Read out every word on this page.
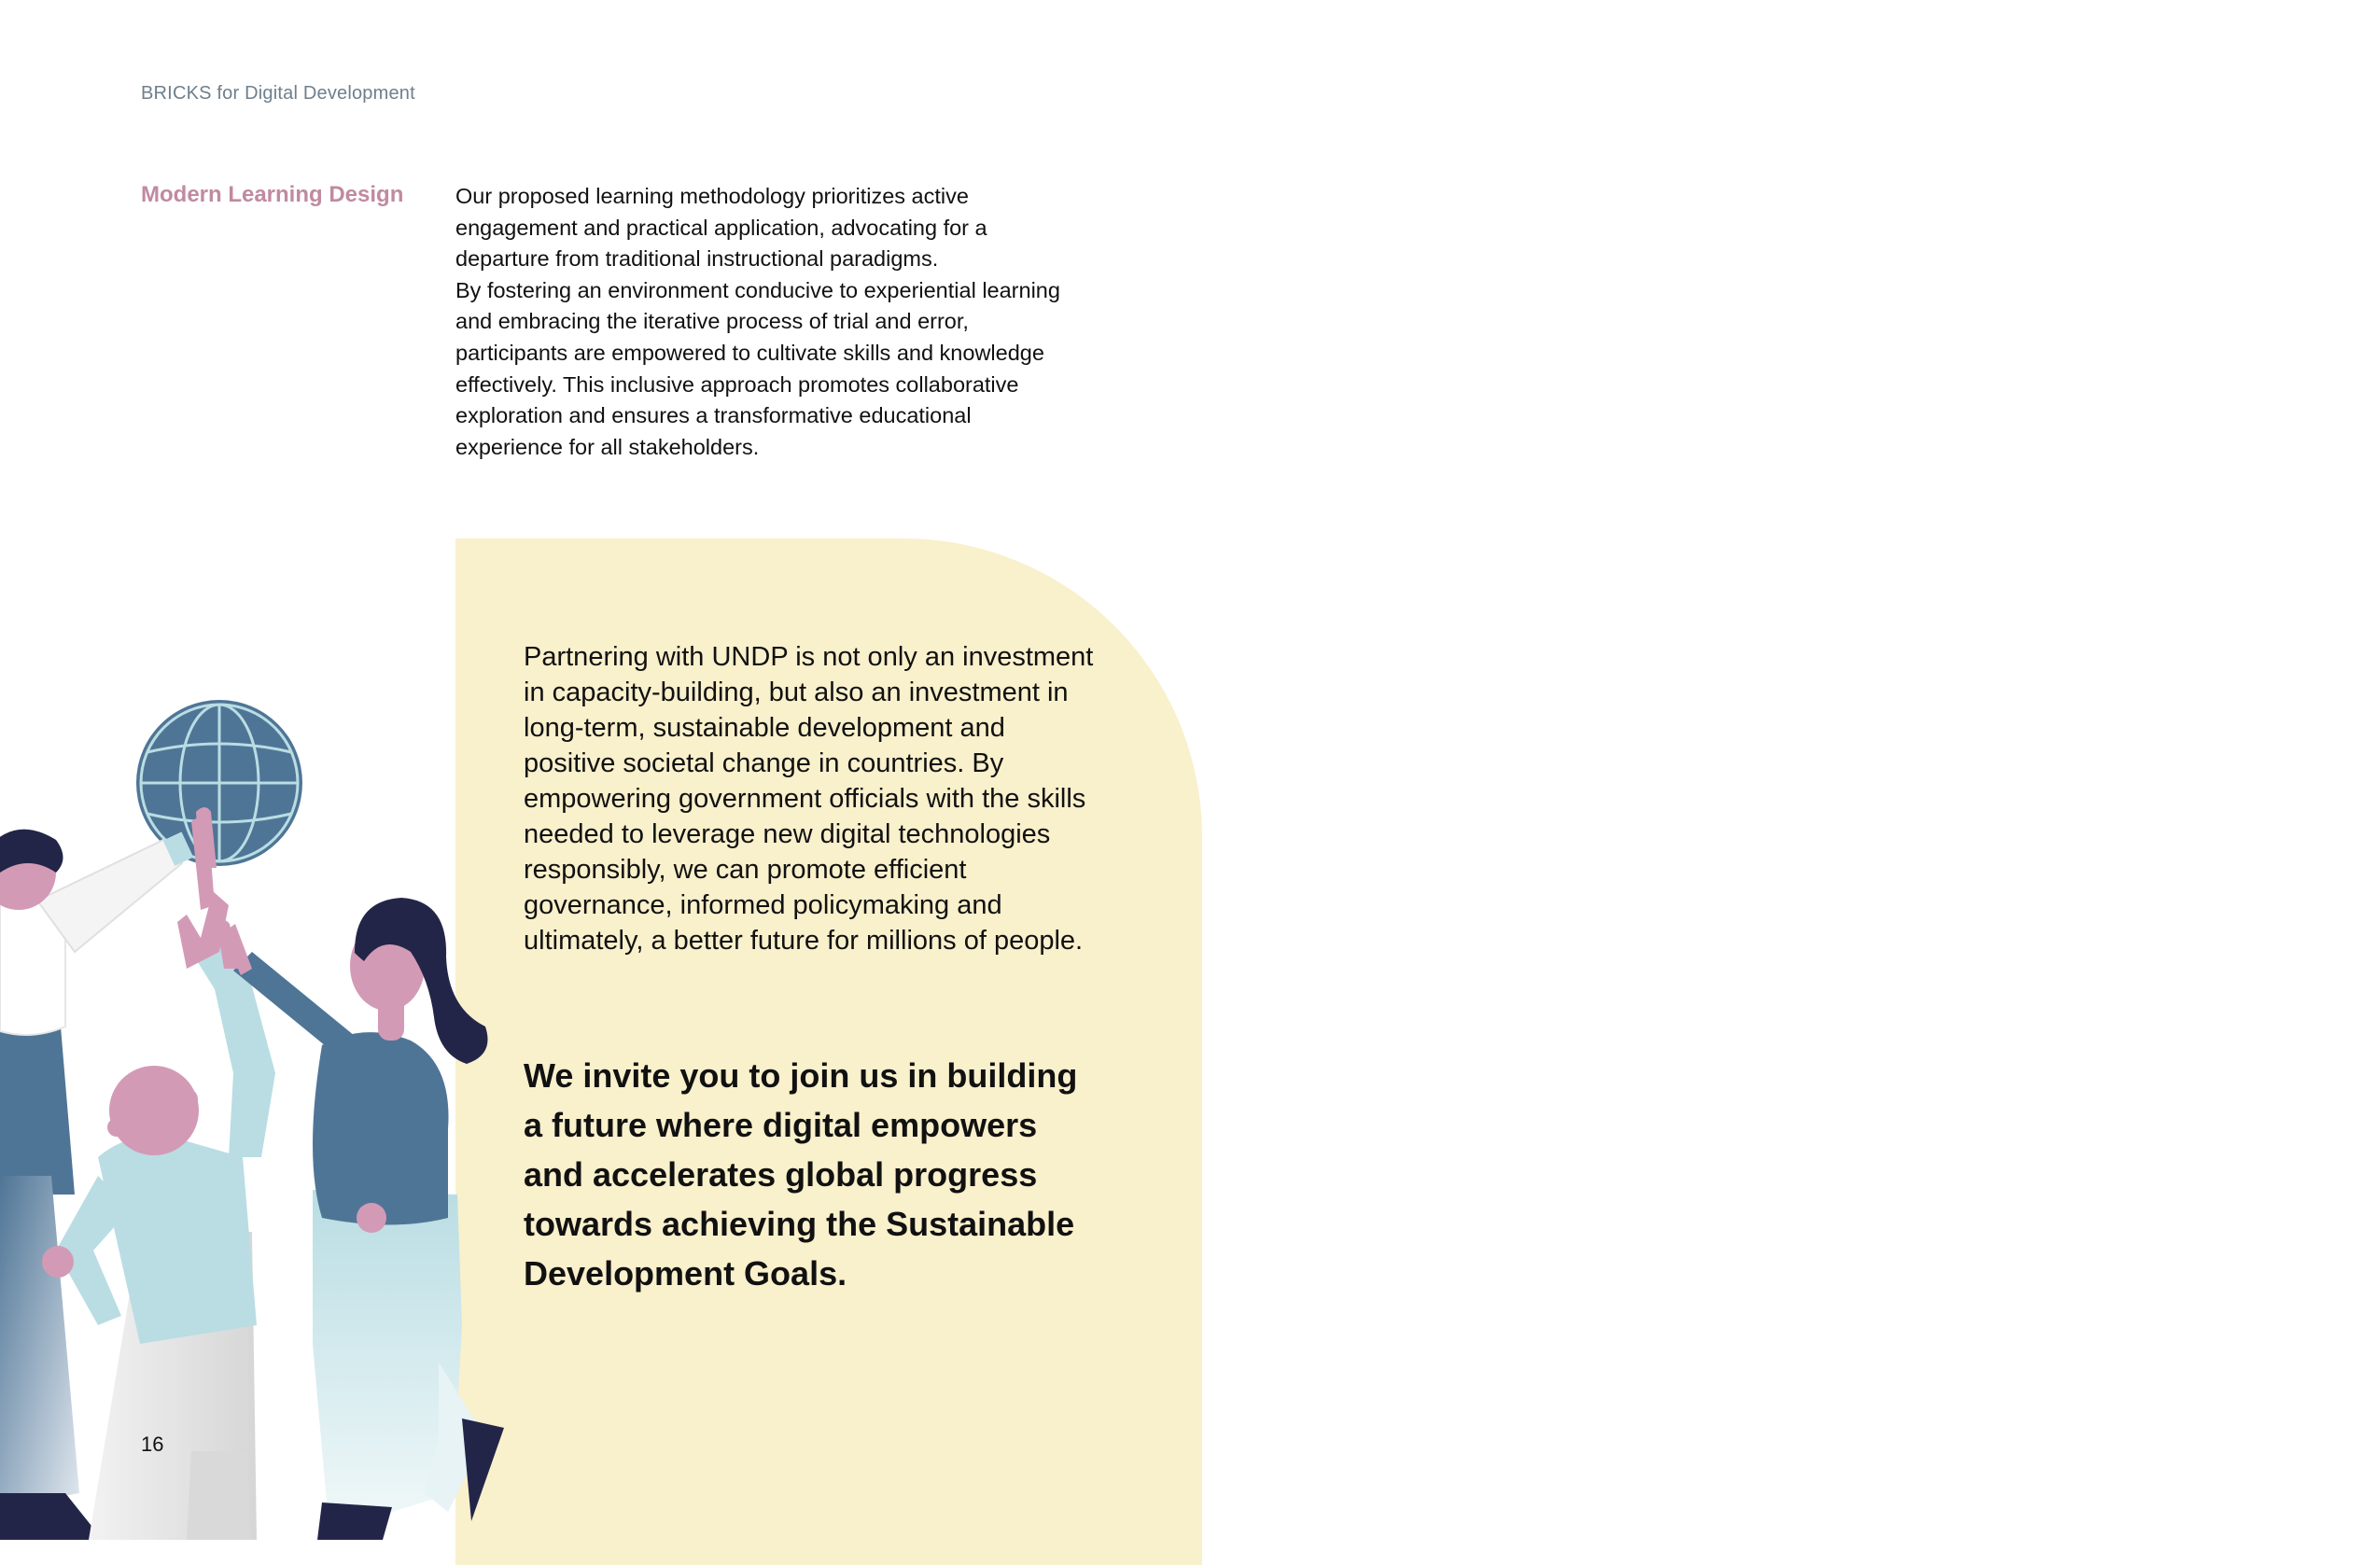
BRICKS for Digital Development
Modern Learning Design Our proposed learning methodology prioritizes active engagement and practical application, advocating for a departure from traditional instructional paradigms.

By fostering an environment conducive to experiential learning and embracing the iterative process of trial and error, participants are empowered to cultivate skills and knowledge effectively. This inclusive approach promotes collaborative exploration and ensures a transformative educational experience for all stakeholders.

Partnering with UNDP is not only an investment in capacity-building, but also an investment in long-term, sustainable development and positive societal change in countries. By empowering government officials with the skills needed to leverage new digital technologies responsibly, we can promote efficient governance, informed policymaking and ultimately, a better future for millions of people.

We invite you to join us in building a future where digital empowers and accelerates global progress towards achieving the Sustainable Development Goals.

16
